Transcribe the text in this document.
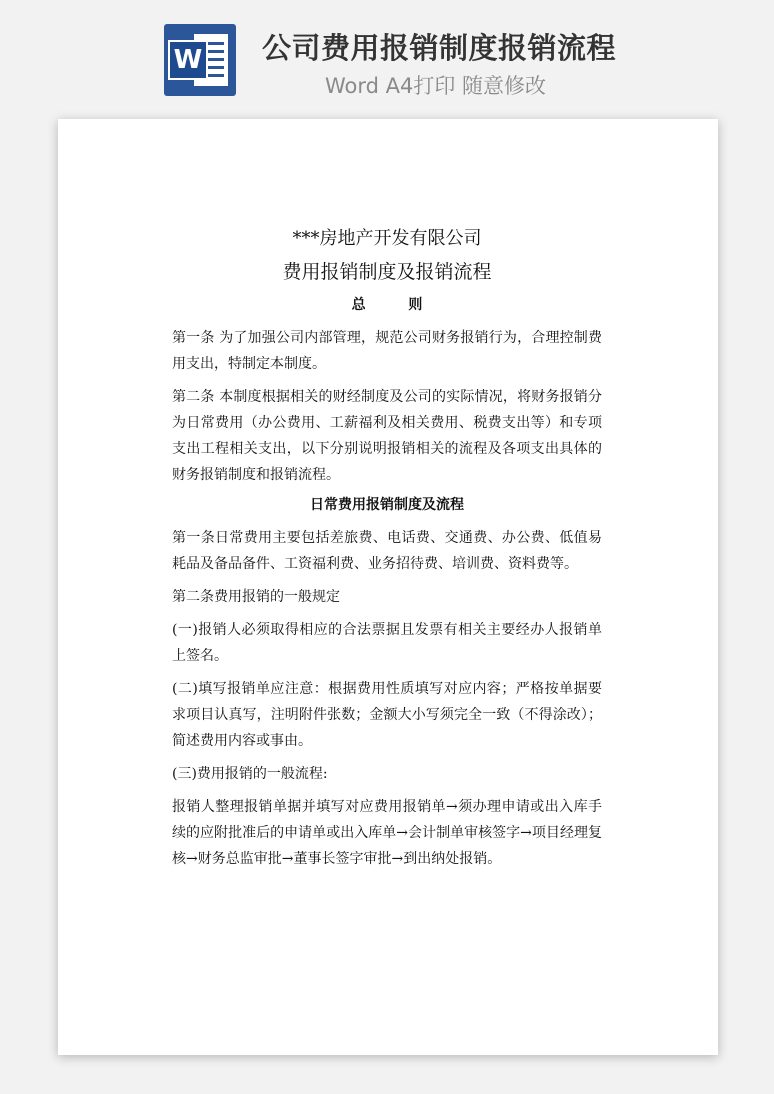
W 公司费用报销制度报销流程
Word A4打印 随意修改
***房地产开发有限公司
费用报销制度及报销流程
总 则

第一条 为了加强公司内部管理，规范公司财务报销行为，合理控制费用支出，特制定本制度。

第二条 本制度根据相关的财经制度及公司的实际情况，将财务报销分为日常费用（办公费用、工薪福利及相关费用、税费支出等）和专项支出工程相关支出，以下分别说明报销相关的流程及各项支出具体的财务报销制度和报销流程。

日常费用报销制度及流程

第一条日常费用主要包括差旅费、电话费、交通费、办公费、低值易耗品及备品备件、工资福利费、业务招待费、培训费、资料费等。

第二条费用报销的一般规定

(一)报销人必须取得相应的合法票据且发票有相关主要经办人报销单上签名。

(二)填写报销单应注意：根据费用性质填写对应内容；严格按单据要求项目认真写，注明附件张数；金额大小写须完全一致（不得涂改）；简述费用内容或事由。

(三)费用报销的一般流程:

报销人整理报销单据并填写对应费用报销单→须办理申请或出入库手续的应附批准后的申请单或出入库单→会计制单审核签字→项目经理复核→财务总监审批→董事长签字审批→到出纳处报销。
